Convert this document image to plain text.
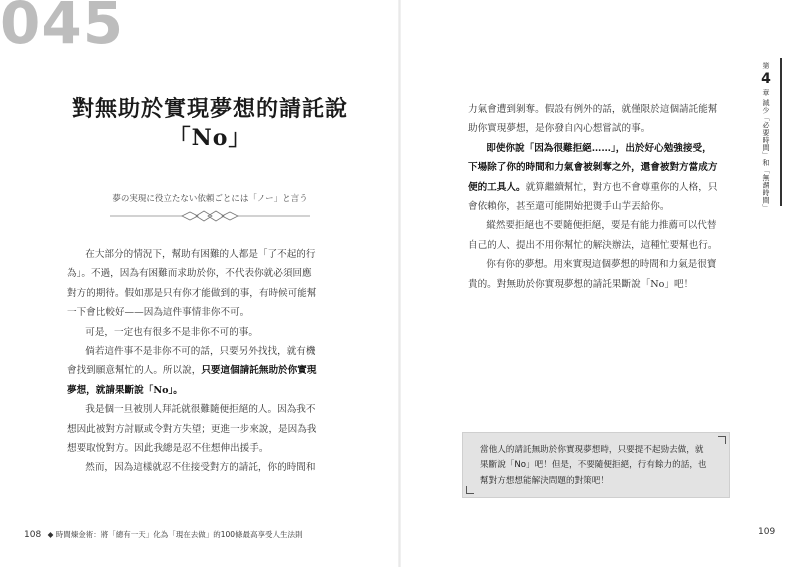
045
對無助於實現夢想的請託說
「No」
夢の実現に役立たない依頼ごとには「ノー」と言う

在大部分的情況下，幫助有困難的人都是「了不起的行

為」。不過，因為有困難而求助於你，不代表你就必須回應

對方的期待。假如那是只有你才能做到的事，有時候可能幫

一下會比較好——因為這件事情非你不可。

可是，一定也有很多不是非你不可的事。

倘若這件事不是非你不可的話，只要另外找找，就有機

會找到願意幫忙的人。所以說，只要這個請託無助於你實現

夢想，就請果斷說「No」。

我是個一旦被別人拜託就很難隨便拒絕的人。因為我不

想因此被對方討厭或令對方失望；更進一步來說，是因為我

想要取悅對方。因此我總是忍不住想伸出援手。

然而，因為這樣就忍不住接受對方的請託，你的時間和

力氣會遭到剝奪。假設有例外的話，就僅限於這個請託能幫

助你實現夢想，是你發自內心想嘗試的事。

即使你說「因為很難拒絕……」，出於好心勉強接受，

下場除了你的時間和力氣會被剝奪之外，還會被對方當成方

便的工具人。就算繼續幫忙，對方也不會尊重你的人格，只

會依賴你，甚至還可能開始把燙手山芋丟給你。

縱然要拒絕也不要隨便拒絕，要是有能力推薦可以代替

自己的人、提出不用你幫忙的解決辦法，這種忙要幫也行。

你有你的夢想。用來實現這個夢想的時間和力氣是很寶

貴的。對無助於你實現夢想的請託果斷說「No」吧！

第
4
章
減少「必要時間」和「無謂時間」
當他人的請託無助於你實現夢想時，只要提不起勁去做，就
果斷說「No」吧！但是，不要隨便拒絕，行有餘力的話，也
幫對方想想能解決問題的對策吧！
108 ◆ 時間煉金術：將「總有一天」化為「現在去做」的100條最高享受人生法則	109
